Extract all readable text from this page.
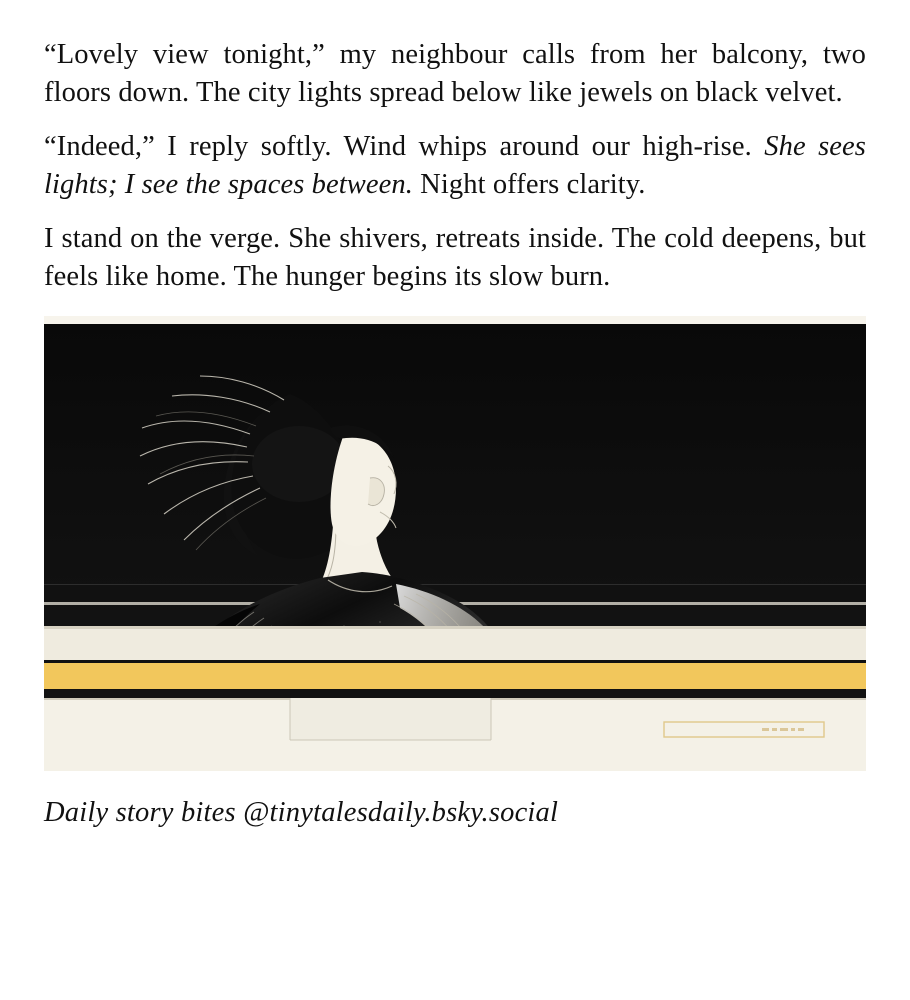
“Lovely view tonight,” my neighbour calls from her balcony, two floors down. The city lights spread below like jewels on black velvet.

“Indeed,” I reply softly. Wind whips around our high-rise. She sees lights; I see the spaces between. Night offers clarity.

I stand on the verge. She shivers, retreats inside. The cold deepens, but feels like home. The hunger begins its slow burn.

Daily story bites @tinytalesdaily.bsky.social
